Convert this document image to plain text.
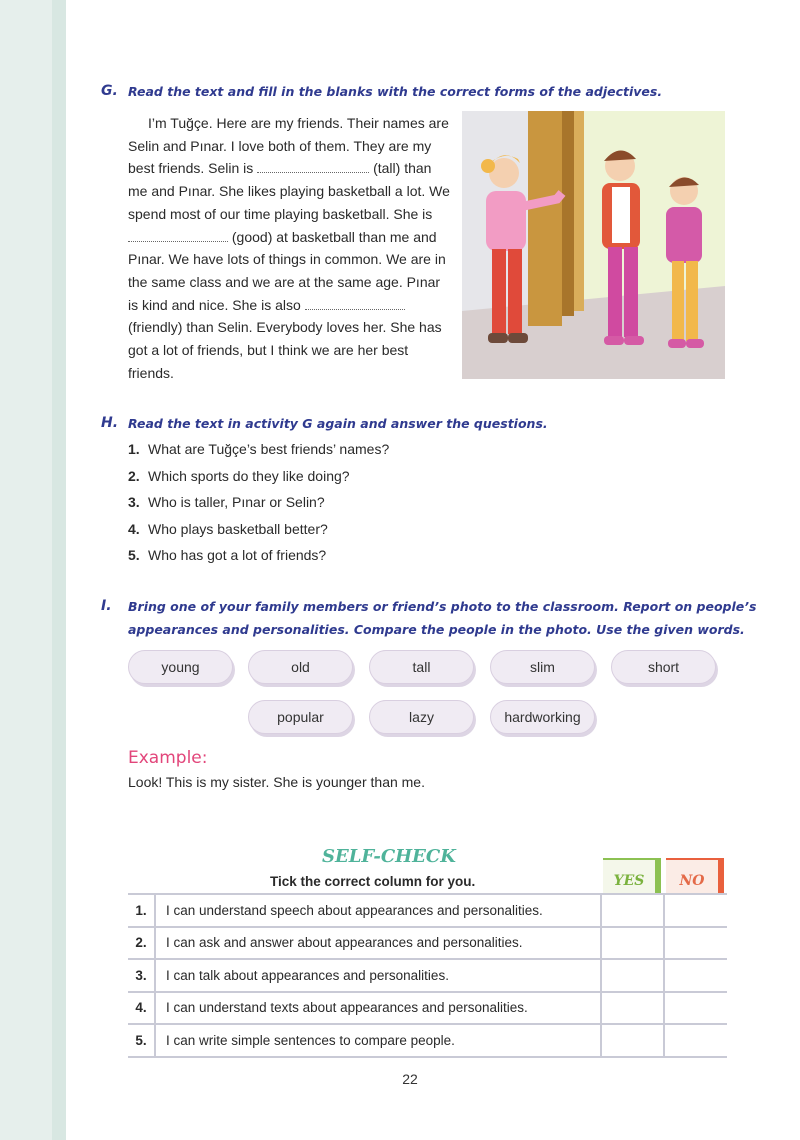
G. Read the text and fill in the blanks with the correct forms of the adjectives.

I’m Tuğçe. Here are my friends. Their names are Selin and Pınar. I love both of them. They are my best friends. Selin is	(tall) than me and Pınar. She likes playing basketball a lot. We spend most of our time playing basketball. She is  (good) at basketball than me and Pınar. We have lots of things in common. We are in the same class and we are at the same age. Pınar is kind and nice. She is also  (friendly) than Selin. Everybody loves her. She has got a lot of friends, but I think we are her best friends.

H. Read the text in activity G again and answer the questions.
1. What are Tuğçe’s best friends’ names?
2. Which sports do they like doing?
3. Who is taller, Pınar or Selin?
4. Who plays basketball better?
5. Who has got a lot of friends?
I. Bring one of your family members or friend’s photo to the classroom. Report on people’s
appearances and personalities. Compare the people in the photo. Use the given words.
young	old	tall	slim	short
popular	lazy	hardworking
Example:
Look! This is my sister. She is younger than me.
SELF-CHECK
Tick the correct column for you.	YES	NO
1.	I can understand speech about appearances and personalities.		
2.	I can ask and answer about appearances and personalities.		
3.	I can talk about appearances and personalities.		
4.	I can understand texts about appearances and personalities.		
5.	I can write simple sentences to compare people.		
22
